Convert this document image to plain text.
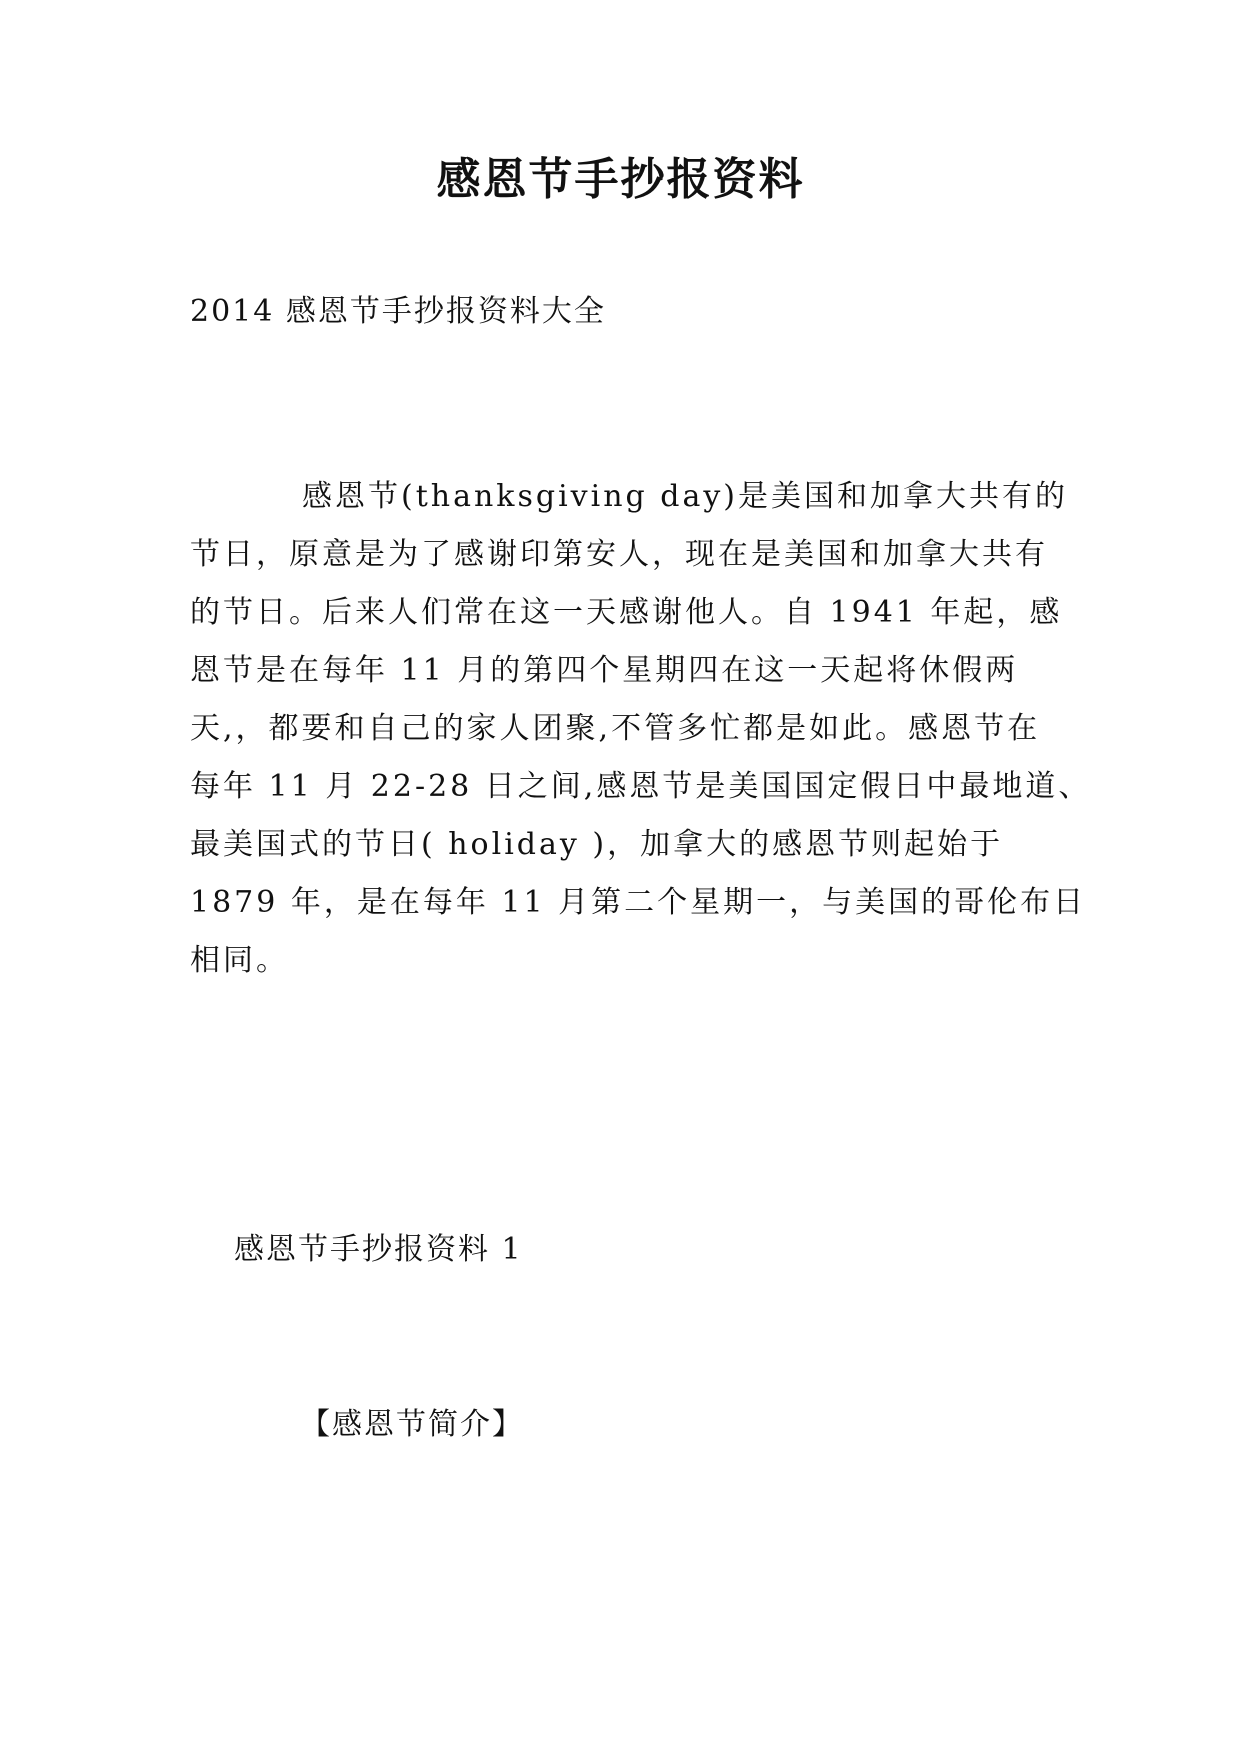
感恩节手抄报资料
2014 感恩节手抄报资料大全
感恩节(thanksgiving day)是美国和加拿大共有的
节日，原意是为了感谢印第安人，现在是美国和加拿大共有
的节日。后来人们常在这一天感谢他人。自 1941 年起，感
恩节是在每年 11 月的第四个星期四在这一天起将休假两
天,，都要和自己的家人团聚,不管多忙都是如此。感恩节在
每年 11 月 22-28 日之间,感恩节是美国国定假日中最地道、
最美国式的节日( holiday )，加拿大的感恩节则起始于
1879 年，是在每年 11 月第二个星期一，与美国的哥伦布日
相同。
感恩节手抄报资料 1
【感恩节简介】
